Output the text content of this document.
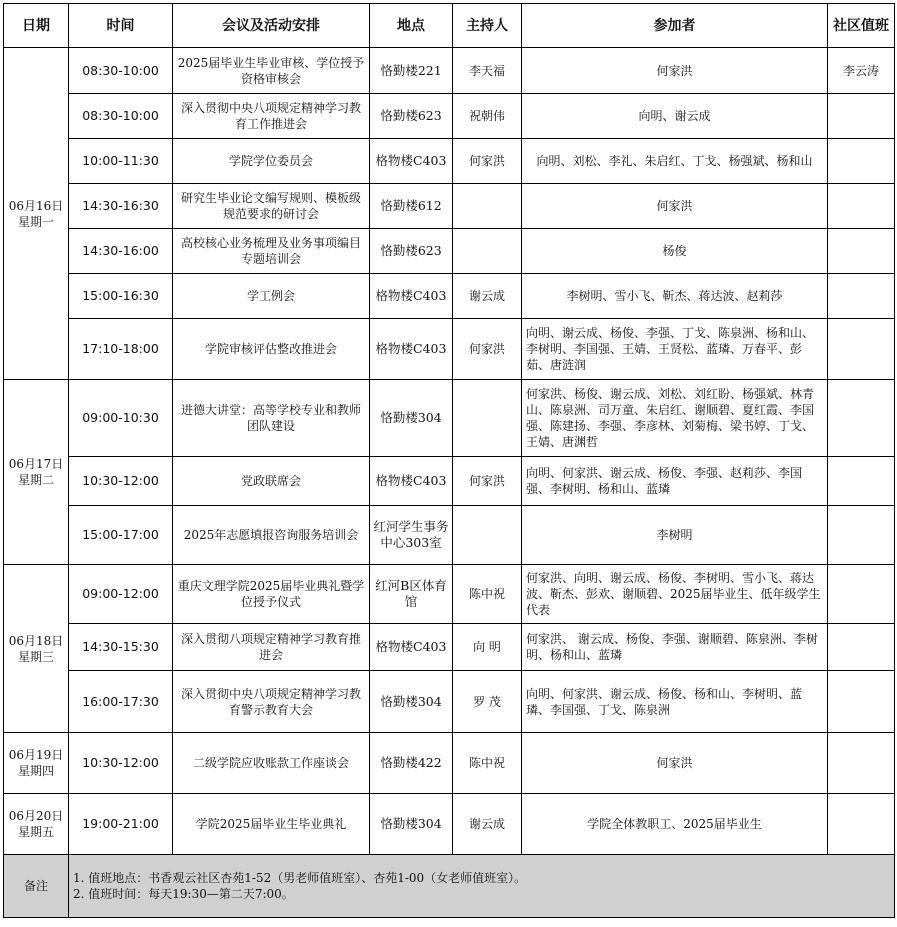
日期	时间	会议及活动安排	地点	主持人	参加者	社区值班
06月16日
星期一	08:30-10:00	2025届毕业生毕业审核、学位授予资格审核会	恪勤楼221	李天福	何家洪	李云涛
	08:30-10:00	深入贯彻中央八项规定精神学习教育工作推进会	恪勤楼623	祝朝伟	向明、谢云成	
	10:00-11:30	学院学位委员会	格物楼C403	何家洪	向明、刘松、李礼、朱启红、丁戈、杨强斌、杨和山	
	14:30-16:30	研究生毕业论文编写规则、模板级规范要求的研讨会	恪勤楼612		何家洪	
	14:30-16:00	高校核心业务梳理及业务事项编目专题培训会	恪勤楼623		杨俊	
	15:00-16:30	学工例会	格物楼C403	谢云成	李树明、雪小飞、靳杰、蒋达波、赵莉莎	
	17:10-18:00	学院审核评估整改推进会	格物楼C403	何家洪	向明、谢云成、杨俊、李强、丁戈、陈泉洲、杨和山、李树明、李国强、王婧、王贤松、蓝璘、万春平、彭茹、唐涟润	
06月17日
星期二	09:00-10:30	进德大讲堂：高等学校专业和教师团队建设	恪勤楼304		何家洪、杨俊、谢云成、刘松、刘红盼、杨强斌、林青山、陈泉洲、司万童、朱启红、谢顺碧、夏红霞、李国强、陈建扬、李强、李彦林、刘菊梅、梁书婷、丁戈、王婧、唐渊哲	
	10:30-12:00	党政联席会	格物楼C403	何家洪	向明、何家洪、谢云成、杨俊、李强、赵莉莎、李国强、李树明、杨和山、蓝璘	
	15:00-17:00	2025年志愿填报咨询服务培训会	红河学生事务中心303室		李树明	
06月18日
星期三	09:00-12:00	重庆文理学院2025届毕业典礼暨学位授予仪式	红河B区体育馆	陈中祝	何家洪、向明、谢云成、杨俊、李树明、雪小飞、蒋达波、靳杰、彭欢、谢顺碧、2025届毕业生、低年级学生代表	
	14:30-15:30	深入贯彻八项规定精神学习教育推进会	格物楼C403	向 明	何家洪、 谢云成、杨俊、李强、谢顺碧、陈泉洲、李树明、杨和山、蓝璘	
	16:00-17:30	深入贯彻中央八项规定精神学习教育警示教育大会	恪勤楼304	罗 茂	向明、何家洪、谢云成、杨俊、杨和山、李树明、蓝璘、李国强、丁戈、陈泉洲	
06月19日
星期四	10:30-12:00	二级学院应收账款工作座谈会	恪勤楼422	陈中祝	何家洪	
06月20日
星期五	19:00-21:00	学院2025届毕业生毕业典礼	恪勤楼304	谢云成	学院全体教职工、2025届毕业生	
备注	1. 值班地点：书香观云社区杏苑1-52（男老师值班室）、杏苑1-00（女老师值班室）。
2. 值班时间：每天19:30—第二天7:00。					
